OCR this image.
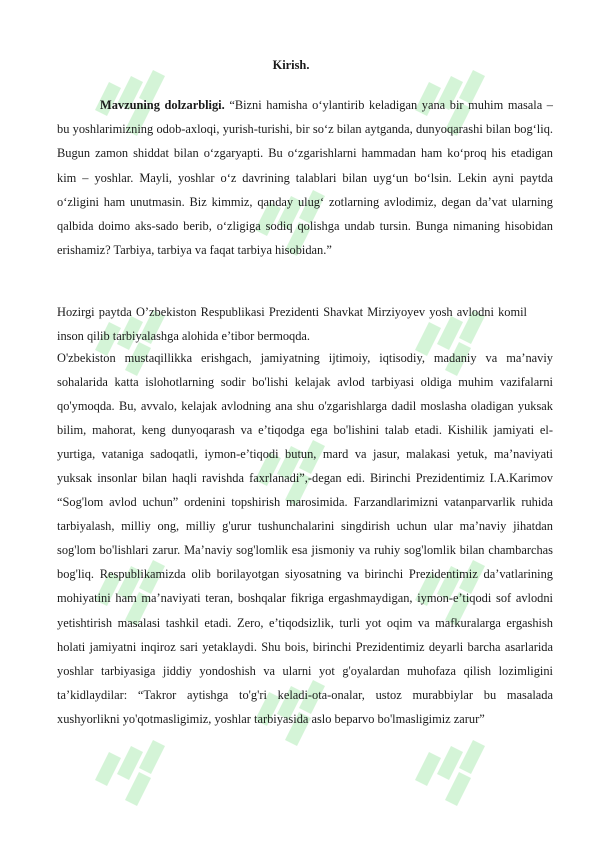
Kirish.

Mavzuning dolzarbligi. “Bizni hamisha o‘ylantirib keladigan yana bir muhim masala – bu yoshlarimizning odob-axloqi, yurish-turishi, bir so‘z bilan aytganda, dunyoqarashi bilan bog‘liq. Bugun zamon shiddat bilan o‘zgaryapti. Bu o‘zgarishlarni hammadan ham ko‘proq his etadigan kim – yoshlar. Mayli, yoshlar o‘z davrining talablari bilan uyg‘un bo‘lsin. Lekin ayni paytda o‘zligini ham unutmasin. Biz kimmiz, qanday ulug‘ zotlarning avlodimiz, degan da’vat ularning qalbida doimo aks-sado berib, o‘zligiga sodiq qolishga undab tursin. Bunga nimaning hisobidan erishamiz? Tarbiya, tarbiya va faqat tarbiya hisobidan.”

Hozirgi paytda O’zbekiston Respublikasi Prezidenti Shavkat Mirziyoyev yosh avlodni komil inson qilib tarbiyalashga alohida e’tibor bermoqda.

O'zbekiston mustaqillikka erishgach, jamiyatning ijtimoiy, iqtisodiy, madaniy va ma’naviy sohalarida katta islohotlarning sodir bo'lishi kelajak avlod tarbiyasi oldiga muhim vazifalarni qo'ymoqda. Bu, avvalo, kelajak avlodning ana shu o'zgarishlarga dadil moslasha oladigan yuksak bilim, mahorat, keng dunyoqarash va e’tiqodga ega bo'lishini talab etadi. Kishilik jamiyati el-yurtiga, vataniga sadoqatli, iymon-e’tiqodi butun, mard va jasur, malakasi yetuk, ma’naviyati yuksak insonlar bilan haqli ravishda faxrlanadi”,-degan edi. Birinchi Prezidentimiz I.A.Karimov “Sog'lom avlod uchun” ordenini topshirish marosimida. Farzandlarimizni vatanparvarlik ruhida tarbiyalash, milliy ong, milliy g'urur tushunchalarini singdirish uchun ular ma’naviy jihatdan sog'lom bo'lishlari zarur. Ma’naviy sog'lomlik esa jismoniy va ruhiy sog'lomlik bilan chambarchas bog'liq. Respublikamizda olib borilayotgan siyosatning va birinchi Prezidentimiz da’vatlarining mohiyatini ham ma’naviyati teran, boshqalar fikriga ergashmaydigan, iymon-e’tiqodi sof avlodni yetishtirish masalasi tashkil etadi. Zero, e’tiqodsizlik, turli yot oqim va mafkuralarga ergashish holati jamiyatni inqiroz sari yetaklaydi. Shu bois, birinchi Prezidentimiz deyarli barcha asarlarida yoshlar tarbiyasiga jiddiy yondoshish va ularni yot g'oyalardan muhofaza qilish lozimligini ta’kidlaydilar: “Takror aytishga to'g'ri keladi-ota-onalar, ustoz murabbiylar bu masalada xushyorlikni yo'qotmasligimiz, yoshlar tarbiyasida aslo beparvo bo'lmasligimiz zarur”
